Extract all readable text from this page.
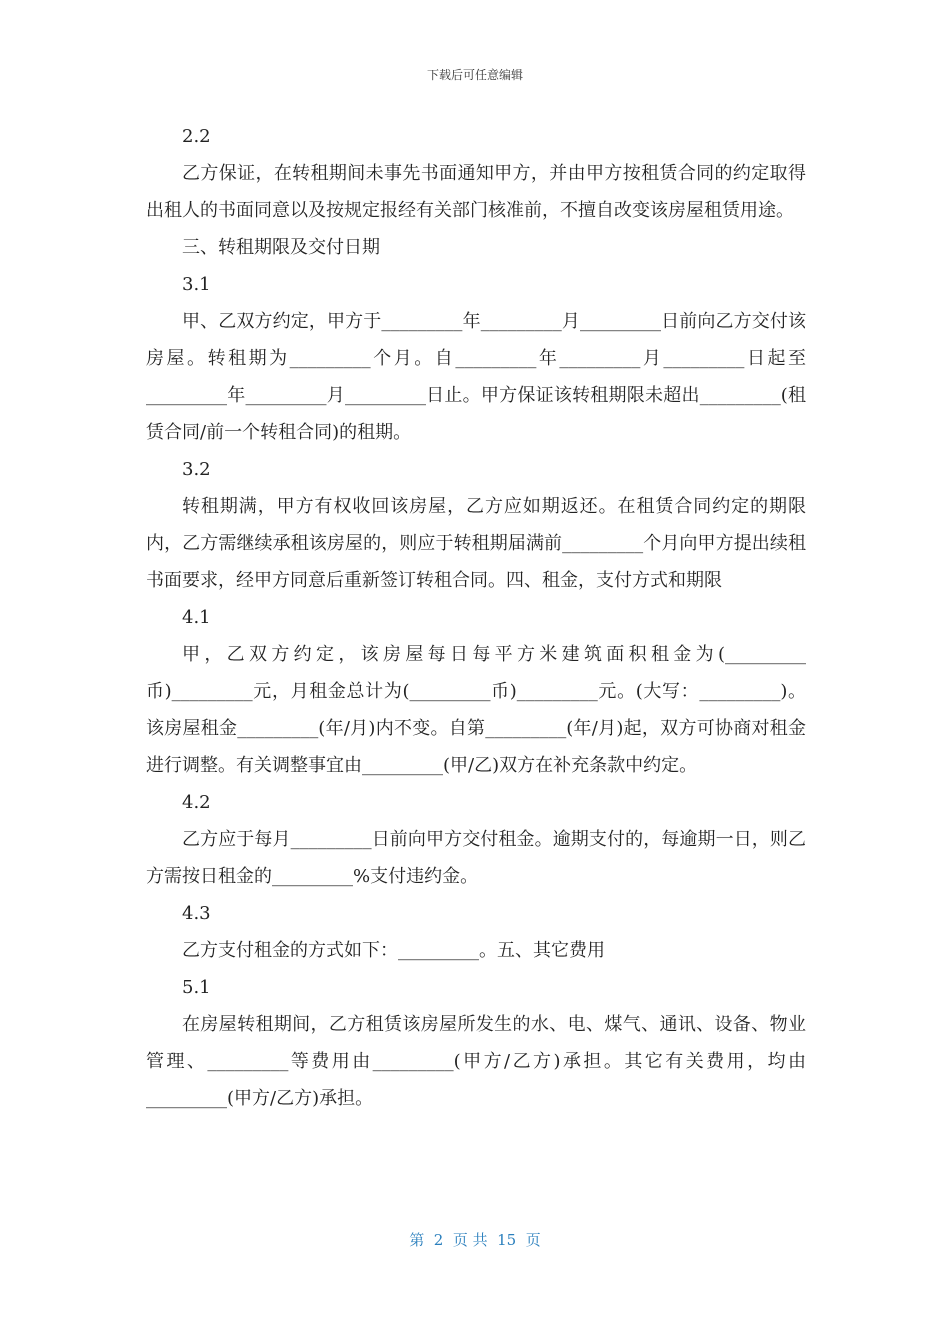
下载后可任意编辑

2.2

乙方保证，在转租期间未事先书面通知甲方，并由甲方按租赁合同的约定取得出租人的书面同意以及按规定报经有关部门核准前，不擅自改变该房屋租赁用途。

三、转租期限及交付日期

3.1

甲、乙双方约定，甲方于_________年_________月_________日前向乙方交付该房屋。转租期为_________个月。自_________年_________月_________日起至_________年_________月_________日止。甲方保证该转租期限未超出_________(租赁合同/前一个转租合同)的租期。

3.2

转租期满，甲方有权收回该房屋，乙方应如期返还。在租赁合同约定的期限内，乙方需继续承租该房屋的，则应于转租期届满前_________个月向甲方提出续租书面要求，经甲方同意后重新签订转租合同。四、租金，支付方式和期限

4.1

甲，乙双方约定，该房屋每日每平方米建筑面积租金为(_________币)_________元，月租金总计为(_________币)_________元。(大写：_________)。该房屋租金_________(年/月)内不变。自第_________(年/月)起，双方可协商对租金进行调整。有关调整事宜由_________(甲/乙)双方在补充条款中约定。

4.2

乙方应于每月_________日前向甲方交付租金。逾期支付的，每逾期一日，则乙方需按日租金的_________%支付违约金。

4.3

乙方支付租金的方式如下：_________。五、其它费用

5.1

在房屋转租期间，乙方租赁该房屋所发生的水、电、煤气、通讯、设备、物业管理、_________等费用由_________(甲方/乙方)承担。其它有关费用，均由_________(甲方/乙方)承担。

第  2  页 共  15  页
